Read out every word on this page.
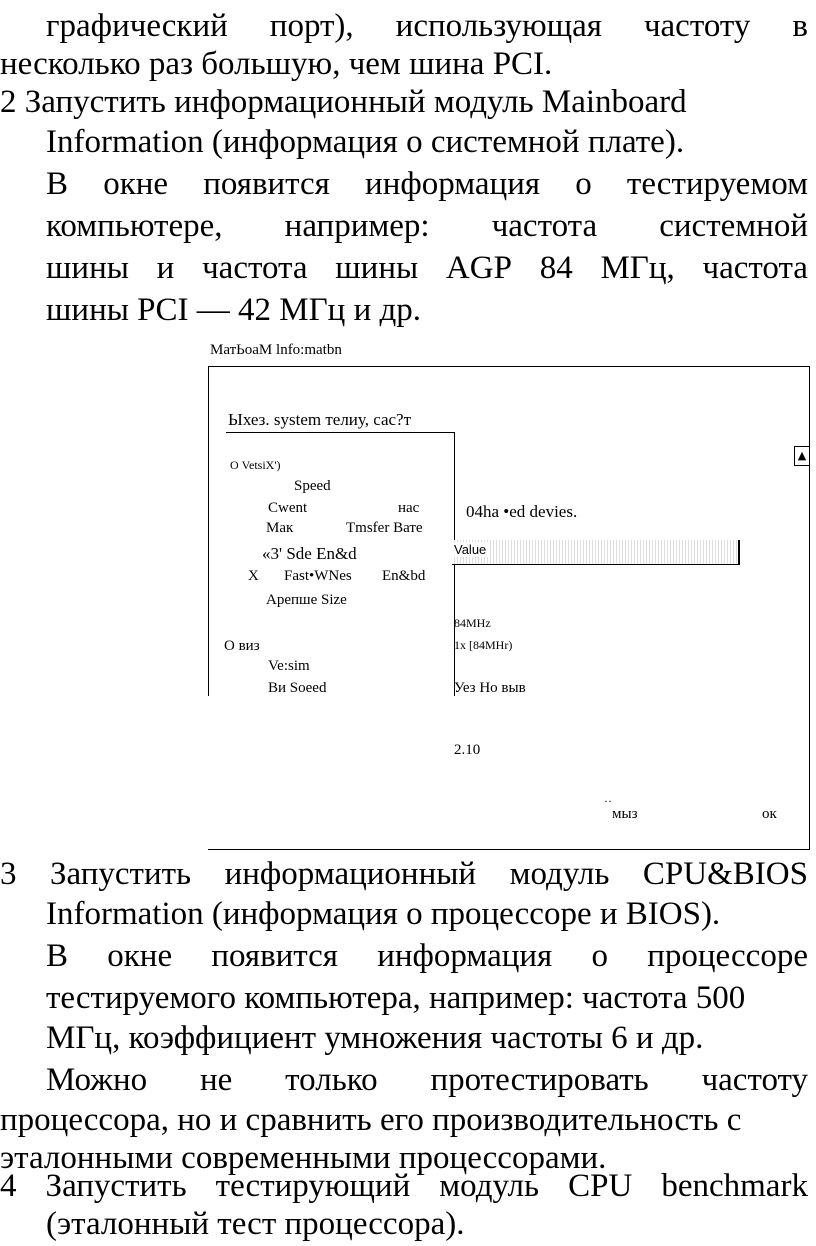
графический порт), использующая частоту в
несколько раз большую, чем шина PCI.
2 Запустить информационный модуль Mainboard
Information (информация о системной плате).
В окне появится информация о тестируемом
компьютере, например: частота системной
шины и частота шины AGP 84 МГц, частота
шины PCI — 42 МГц и др.
МатЬоаМ lnfo:matbn
Ыхез. system телиу, сас?т
О VetsiX')
Speed
Cwent	нас
Мак	Tmsfer Вате
«3' Sde En&d
X Fast•WNes En&bd
Арепше Size
О виз
Ve:sim
Ви Soeed
04ha •ed devies.
Value
▲
84MHz
1x [84MHr)
Уез Но выв
2.10
··
мыз	ок
3 Запустить информационный модуль CPU&BIOS
Information (информация о процессоре и BIOS).
В окне появится информация о процессоре
тестируемого компьютера, например: частота 500
МГц, коэффициент умножения частоты 6 и др.
Можно не только протестировать частоту
процессора, но и сравнить его производительность с
эталонными современными процессорами.
4 Запустить тестирующий модуль CPU benchmark
(эталонный тест процессора).
